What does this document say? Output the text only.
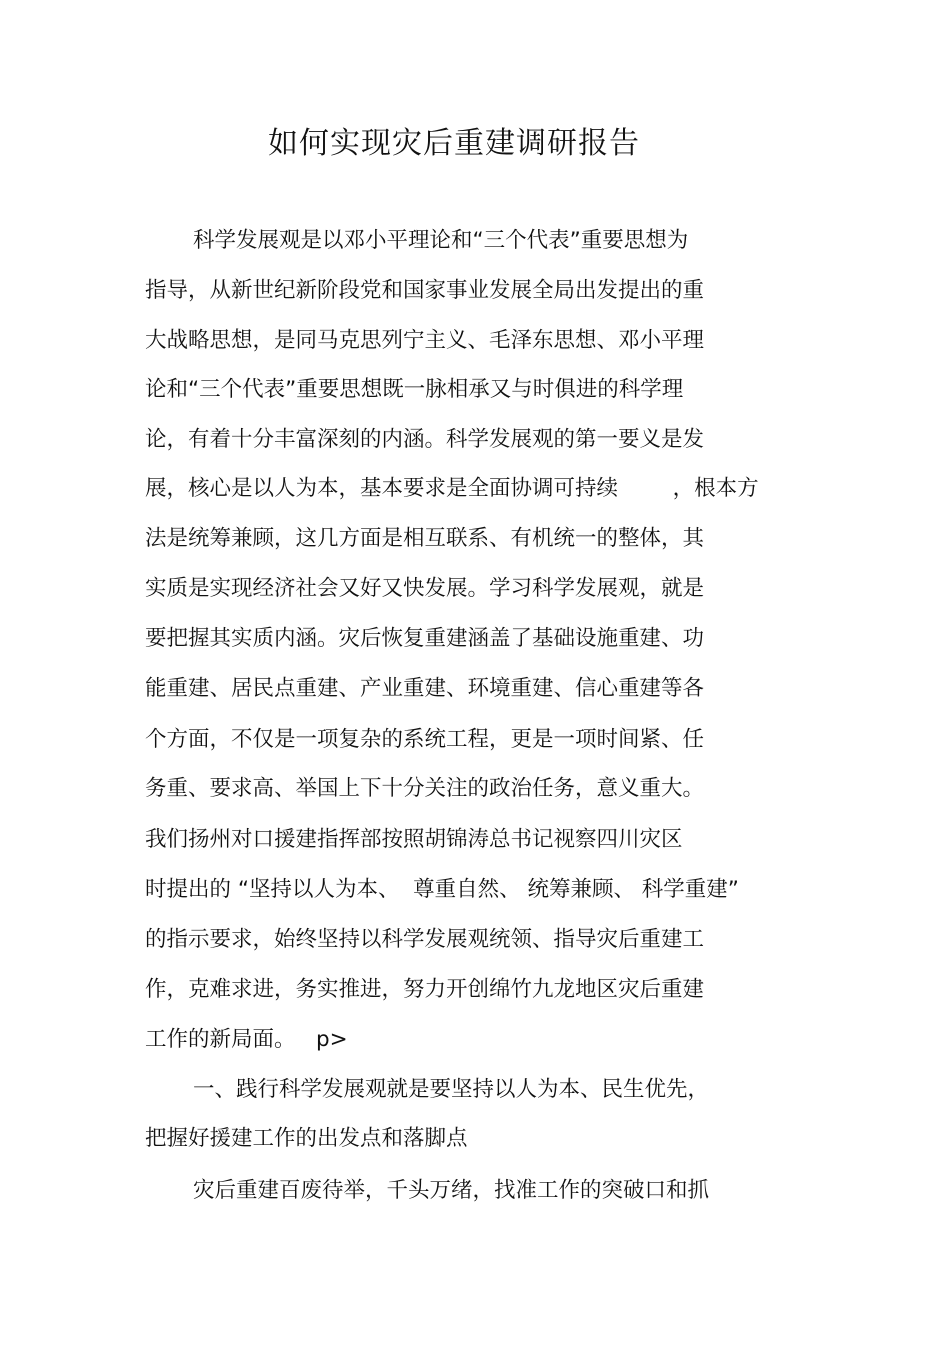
如何实现灾后重建调研报告
科学发展观是以邓小平理论和“三个代表”重要思想为
指导，从新世纪新阶段党和国家事业发展全局出发提出的重
大战略思想，是同马克思列宁主义、毛泽东思想、邓小平理
论和“三个代表”重要思想既一脉相承又与时俱进的科学理
论，有着十分丰富深刻的内涵。科学发展观的第一要义是发
展，核心是以人为本，基本要求是全面协调可持续        ，根本方
法是统筹兼顾，这几方面是相互联系、有机统一的整体，其
实质是实现经济社会又好又快发展。学习科学发展观，就是
要把握其实质内涵。灾后恢复重建涵盖了基础设施重建、功
能重建、居民点重建、产业重建、环境重建、信心重建等各
个方面，不仅是一项复杂的系统工程，更是一项时间紧、任
务重、要求高、举国上下十分关注的政治任务，意义重大。
我们扬州对口援建指挥部按照胡锦涛总书记视察四川灾区
时提出的 “坚持以人为本、  尊重自然、 统筹兼顾、 科学重建”
的指示要求，始终坚持以科学发展观统领、指导灾后重建工
作，克难求进，务实推进，努力开创绵竹九龙地区灾后重建
工作的新局面。   p>
一、践行科学发展观就是要坚持以人为本、民生优先，
把握好援建工作的出发点和落脚点
灾后重建百废待举，千头万绪，找准工作的突破口和抓
